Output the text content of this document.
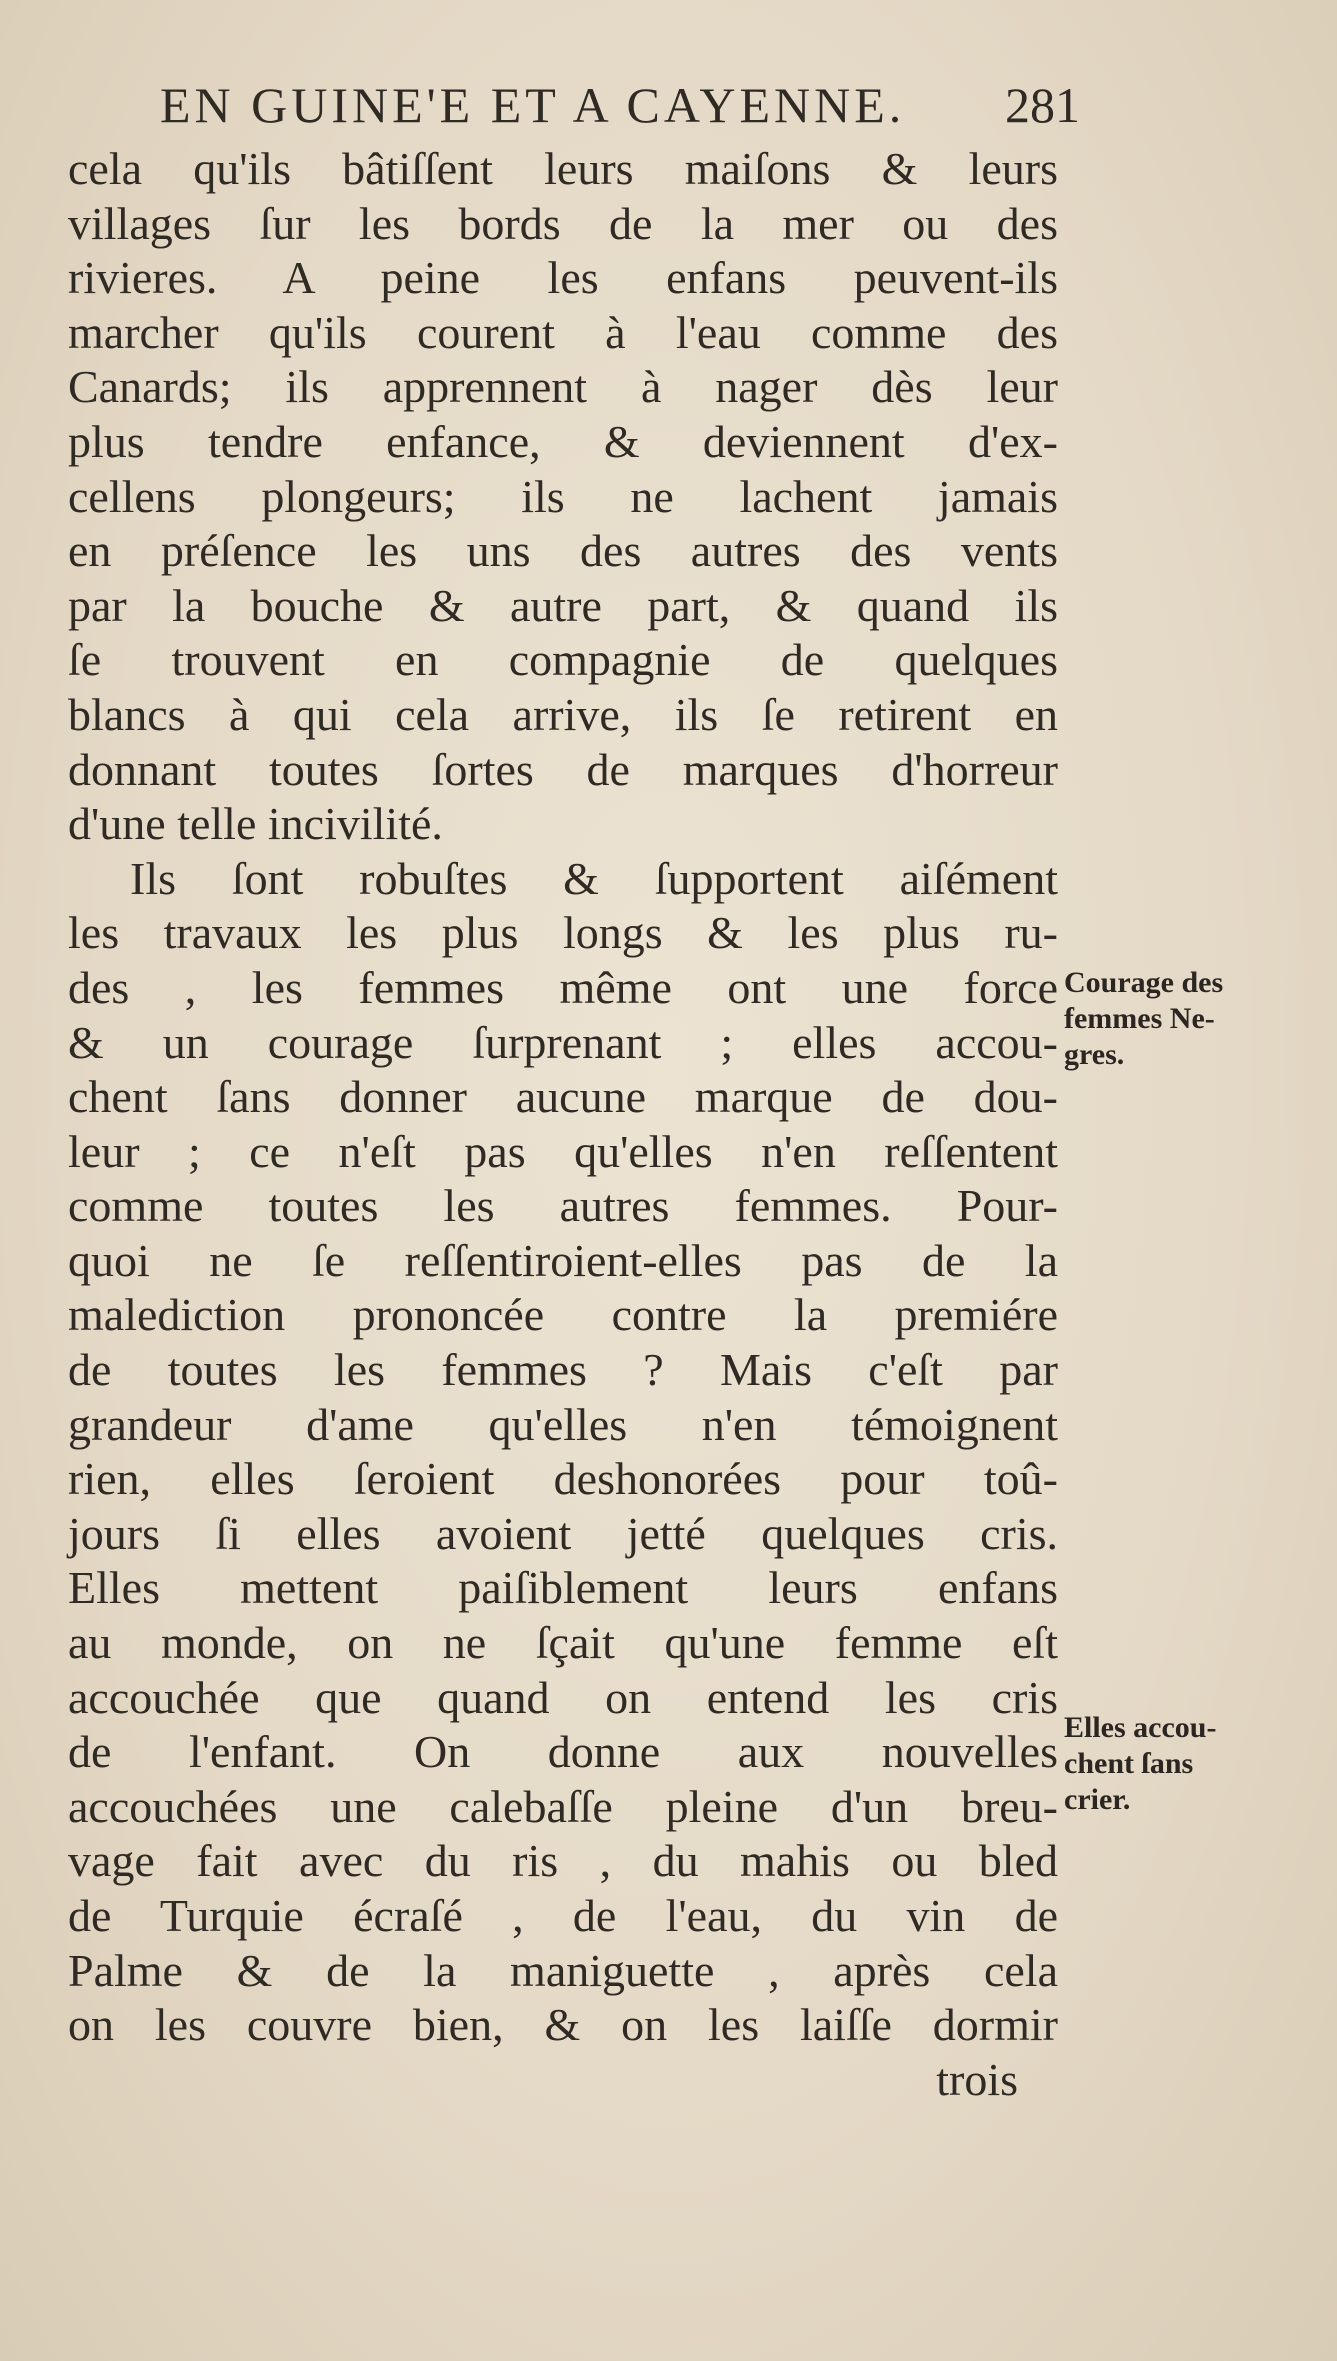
EN GUINE'E ET A CAYENNE. 281
cela qu'ils bâtiſſent leurs maiſons & leurs
villages ſur les bords de la mer ou des
rivieres. A peine les enfans peuvent-ils
marcher qu'ils courent à l'eau comme des
Canards; ils apprennent à nager dès leur
plus tendre enfance, & deviennent d'ex-
cellens plongeurs; ils ne lachent jamais
en préſence les uns des autres des vents
par la bouche & autre part, & quand ils
ſe trouvent en compagnie de quelques
blancs à qui cela arrive, ils ſe retirent en
donnant toutes ſortes de marques d'horreur
d'une telle incivilité.
Ils ſont robuſtes & ſupportent aiſément
les travaux les plus longs & les plus ru-
des , les femmes même ont une force
& un courage ſurprenant ; elles accou-
chent ſans donner aucune marque de dou-
leur ; ce n'eſt pas qu'elles n'en reſſentent
comme toutes les autres femmes. Pour-
quoi ne ſe reſſentiroient-elles pas de la
malediction prononcée contre la premiére
de toutes les femmes ? Mais c'eſt par
grandeur d'ame qu'elles n'en témoignent
rien, elles ſeroient deshonorées pour toû-
jours ſi elles avoient jetté quelques cris.
Elles mettent paiſiblement leurs enfans
au monde, on ne ſçait qu'une femme eſt
accouchée que quand on entend les cris
de l'enfant. On donne aux nouvelles
accouchées une calebaſſe pleine d'un breu-
vage fait avec du ris , du mahis ou bled
de Turquie écraſé , de l'eau, du vin de
Palme & de la maniguette , après cela
on les couvre bien, & on les laiſſe dormir
trois
Courage des
femmes Ne-
gres.
Elles accou-
chent ſans
crier.
